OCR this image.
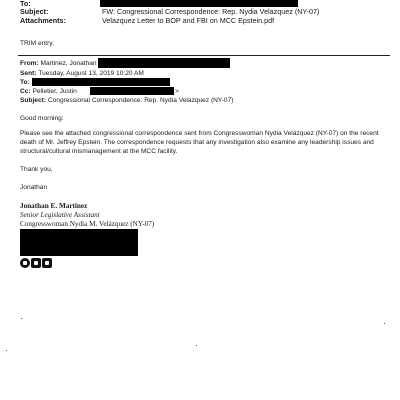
To:
Subject:	FW: Congressional Correspondence: Rep. Nydia Velazquez (NY-07)
Attachments:	Velazquez Letter to BOP and FBI on MCC Epstein.pdf
TRIM entry.
From: Martinez, Jonathan
Sent: Tuesday, August 13, 2019 10:20 AM
To:
Cc: Pelletier, Justin	>
Subject: Congressional Correspondence: Rep. Nydia Velazquez (NY-07)
Good morning:
Please see the attached congressional correspondence sent from Congresswoman Nydia Velázquez (NY-07) on the recent death of Mr. Jeffrey Epstein. The correspondence requests that any investigation also examine any leadership issues and structural/cultural mismanagement at the MCC facility.
Thank you,
Jonathan
Jonathan E. Martinez
Senior Legislative Assistant
Congresswoman Nydia M. Velázquez (NY-07)
